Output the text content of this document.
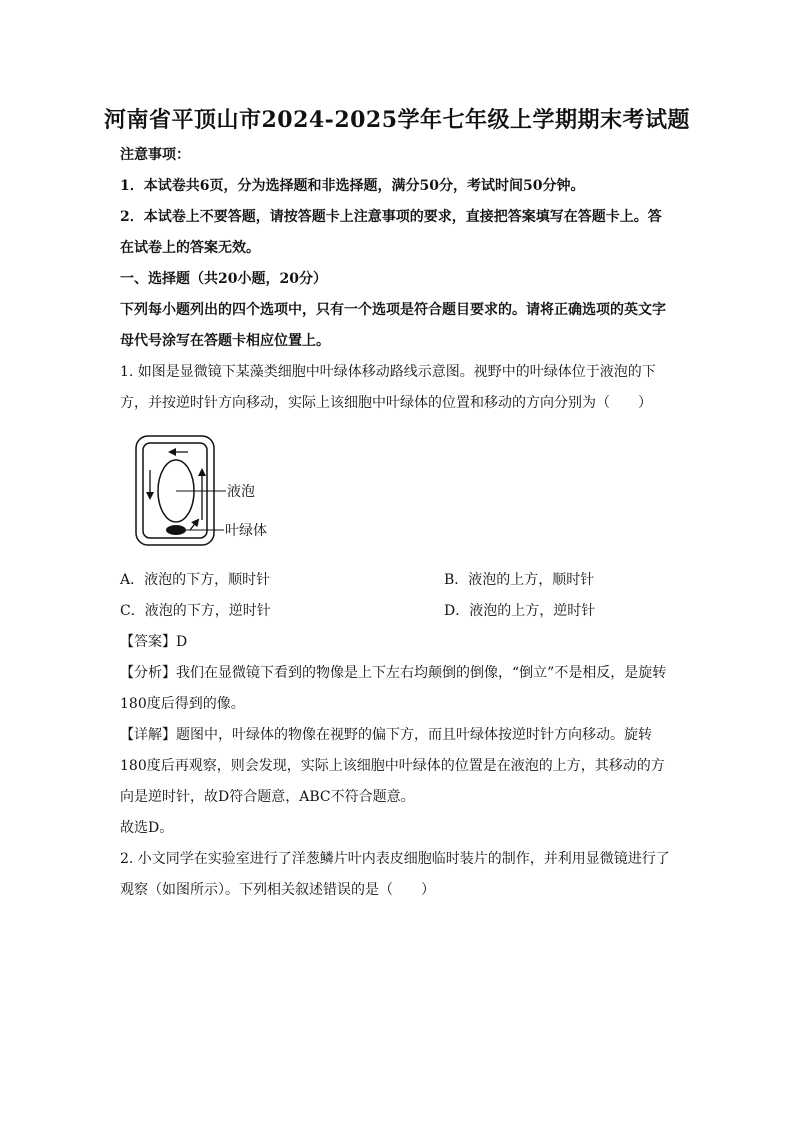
河南省平顶山市2024-2025学年七年级上学期期末考试题
注意事项：
1．本试卷共6页，分为选择题和非选择题，满分50分，考试时间50分钟。
2．本试卷上不要答题，请按答题卡上注意事项的要求，直接把答案填写在答题卡上。答
在试卷上的答案无效。
一、选择题（共20小题，20分）
下列每小题列出的四个选项中，只有一个选项是符合题目要求的。请将正确选项的英文字
母代号涂写在答题卡相应位置上。
1. 如图是显微镜下某藻类细胞中叶绿体移动路线示意图。视野中的叶绿体位于液泡的下
方，并按逆时针方向移动，实际上该细胞中叶绿体的位置和移动的方向分别为（　　）
液泡
叶绿体
A．液泡的下方，顺时针	B．液泡的上方，顺时针
C．液泡的下方，逆时针	D．液泡的上方，逆时针
【答案】D
【分析】我们在显微镜下看到的物像是上下左右均颠倒的倒像，“倒立”不是相反，是旋转
180度后得到的像。
【详解】题图中，叶绿体的物像在视野的偏下方，而且叶绿体按逆时针方向移动。旋转
180度后再观察，则会发现，实际上该细胞中叶绿体的位置是在液泡的上方，其移动的方
向是逆时针，故D符合题意，ABC不符合题意。
故选D。
2. 小文同学在实验室进行了洋葱鳞片叶内表皮细胞临时装片的制作，并利用显微镜进行了
观察（如图所示）。下列相关叙述错误的是（　　）
